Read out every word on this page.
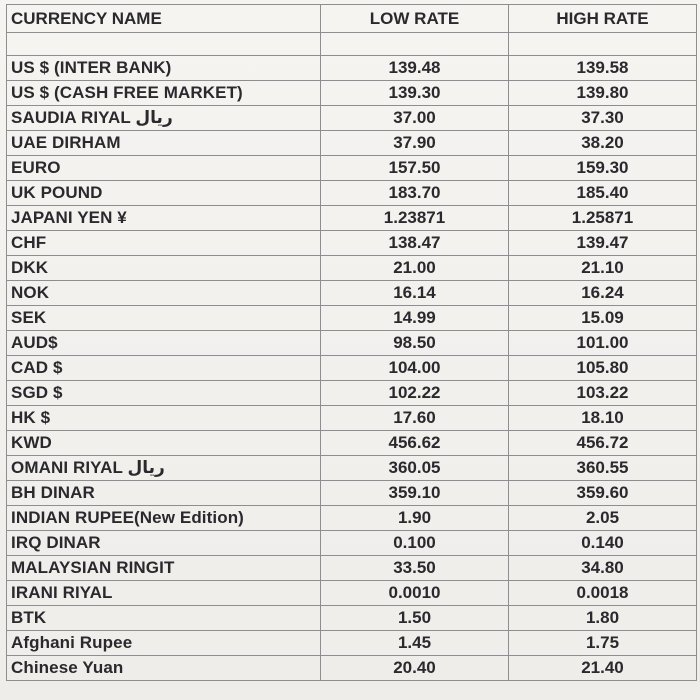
CURRENCY NAME	LOW RATE	HIGH RATE

US $ (INTER BANK)	139.48	139.58
US $ (CASH FREE MARKET)	139.30	139.80
SAUDIA RIYAL ريال	37.00	37.30
UAE DIRHAM	37.90	38.20
EURO	157.50	159.30
UK POUND	183.70	185.40
JAPANI YEN ¥	1.23871	1.25871
CHF	138.47	139.47
DKK	21.00	21.10
NOK	16.14	16.24
SEK	14.99	15.09
AUD$	98.50	101.00
CAD $	104.00	105.80
SGD $	102.22	103.22
HK $	17.60	18.10
KWD	456.62	456.72
OMANI RIYAL ريال	360.05	360.55
BH DINAR	359.10	359.60
INDIAN RUPEE(New Edition)	1.90	2.05
IRQ DINAR	0.100	0.140
MALAYSIAN RINGIT	33.50	34.80
IRANI RIYAL	0.0010	0.0018
BTK	1.50	1.80
Afghani Rupee	1.45	1.75
Chinese Yuan	20.40	21.40
